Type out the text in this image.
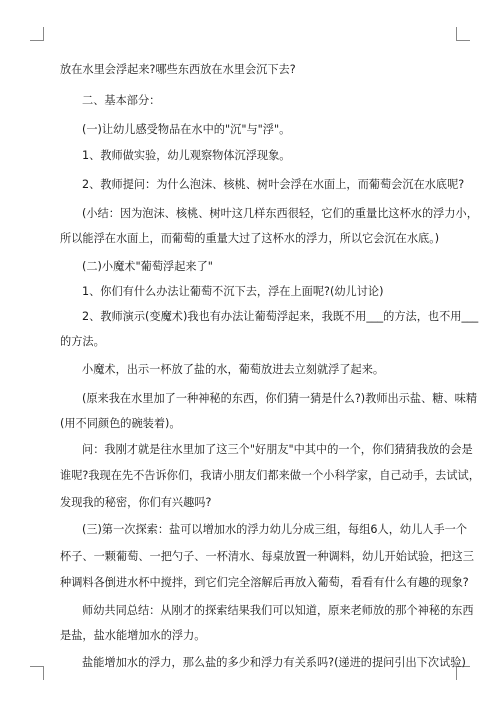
放在水里会浮起来?哪些东西放在水里会沉下去?
二、基本部分：
(一)让幼儿感受物品在水中的"沉"与"浮"。
1、教师做实验，幼儿观察物体沉浮现象。
2、教师提问：为什么泡沫、核桃、树叶会浮在水面上，而葡萄会沉在水底呢?
(小结：因为泡沫、核桃、树叶这几样东西很轻，它们的重量比这杯水的浮力小，
所以能浮在水面上，而葡萄的重量大过了这杯水的浮力，所以它会沉在水底。)
(二)小魔术"葡萄浮起来了"
1、你们有什么办法让葡萄不沉下去，浮在上面呢?(幼儿讨论)
2、教师演示(变魔术)我也有办法让葡萄浮起来，我既不用___的方法，也不用___
的方法。
小魔术，出示一杯放了盐的水，葡萄放进去立刻就浮了起来。
(原来我在水里加了一种神秘的东西，你们猜一猜是什么?)教师出示盐、糖、味精
(用不同颜色的碗装着)。
问：我刚才就是往水里加了这三个"好朋友"中其中的一个，你们猜猜我放的会是
谁呢?我现在先不告诉你们，我请小朋友们都来做一个小科学家，自己动手，去试试，
发现我的秘密，你们有兴趣吗?
(三)第一次探索：盐可以增加水的浮力幼儿分成三组，每组6人，幼儿人手一个
杯子、一颗葡萄、一把勺子、一杯清水、每桌放置一种调料，幼儿开始试验，把这三
种调料各倒进水杯中搅拌，到它们完全溶解后再放入葡萄，看看有什么有趣的现象?
师幼共同总结：从刚才的探索结果我们可以知道，原来老师放的那个神秘的东西
是盐，盐水能增加水的浮力。
盐能增加水的浮力，那么盐的多少和浮力有关系吗?(递进的提问引出下次试验)
